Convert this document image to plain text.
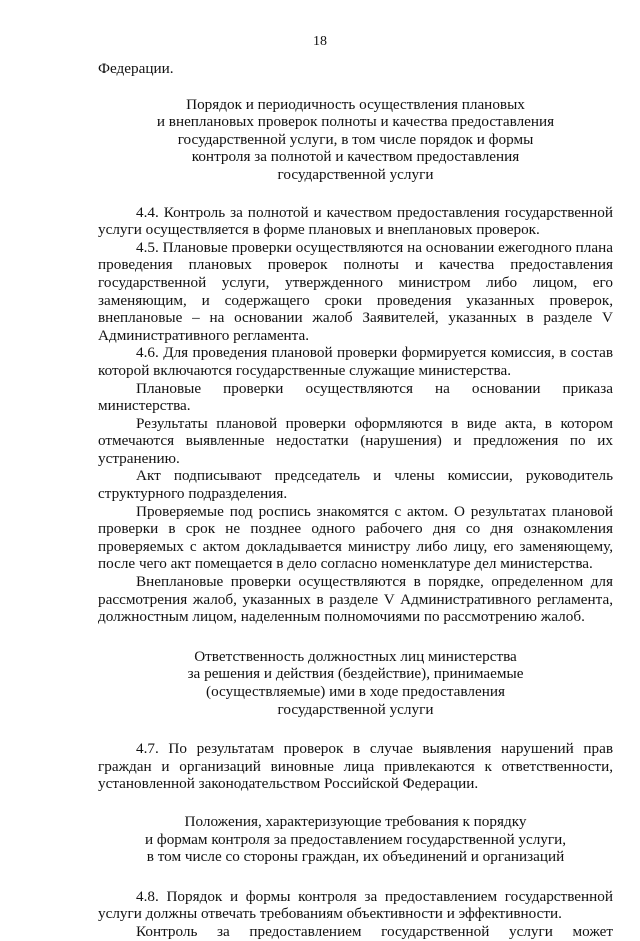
18

Федерации.

Порядок и периодичность осуществления плановых
и внеплановых проверок полноты и качества предоставления
государственной услуги, в том числе порядок и формы
контроля за полнотой и качеством предоставления
государственной услуги

4.4. Контроль за полнотой и качеством предоставления государственной услуги осуществляется в форме плановых и внеплановых проверок.

4.5. Плановые проверки осуществляются на основании ежегодного плана проведения плановых проверок полноты и качества предоставления государственной услуги, утвержденного министром либо лицом, его заменяющим, и содержащего сроки проведения указанных проверок, внеплановые – на основании жалоб Заявителей, указанных в разделе V Административного регламента.

4.6. Для проведения плановой проверки формируется комиссия, в состав которой включаются государственные служащие министерства.

Плановые проверки осуществляются на основании приказа министерства.

Результаты плановой проверки оформляются в виде акта, в котором отмечаются выявленные недостатки (нарушения) и предложения по их устранению.

Акт подписывают председатель и члены комиссии, руководитель структурного подразделения.

Проверяемые под роспись знакомятся с актом. О результатах плановой проверки в срок не позднее одного рабочего дня со дня ознакомления проверяемых с актом докладывается министру либо лицу, его заменяющему, после чего акт помещается в дело согласно номенклатуре дел министерства.

Внеплановые проверки осуществляются в порядке, определенном для рассмотрения жалоб, указанных в разделе V Административного регламента, должностным лицом, наделенным полномочиями по рассмотрению жалоб.

Ответственность должностных лиц министерства
за решения и действия (бездействие), принимаемые
(осуществляемые) ими в ходе предоставления
государственной услуги

4.7. По результатам проверок в случае выявления нарушений прав граждан и организаций виновные лица привлекаются к ответственности, установленной законодательством Российской Федерации.

Положения, характеризующие требования к порядку
и формам контроля за предоставлением государственной услуги,
в том числе со стороны граждан, их объединений и организаций

4.8. Порядок и формы контроля за предоставлением государственной услуги должны отвечать требованиям объективности и эффективности.

Контроль за предоставлением государственной услуги может
